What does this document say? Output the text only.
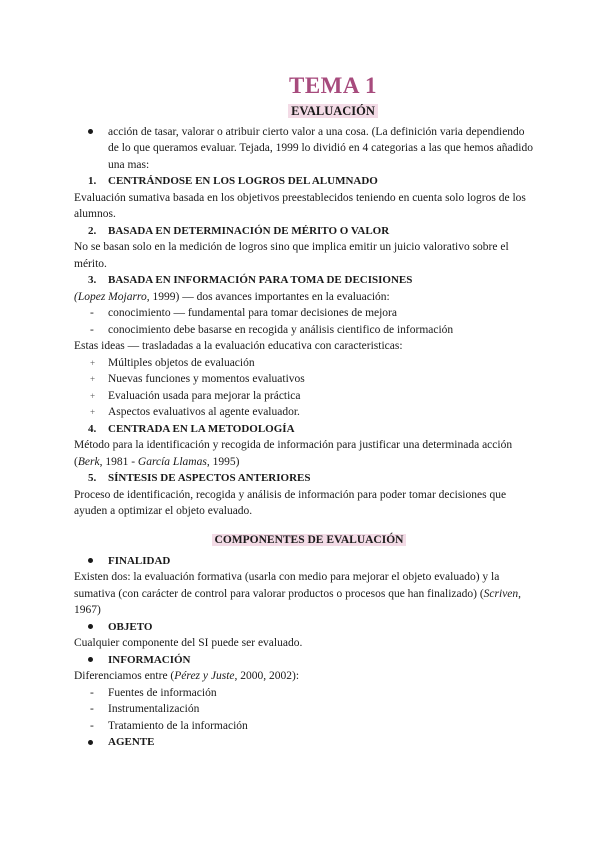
TEMA 1
EVALUACIÓN
acción de tasar, valorar o atribuir cierto valor a una cosa. (La definición varia dependiendo de lo que queramos evaluar. Tejada, 1999 lo dividió en 4 categorias a las que hemos añadido una mas:
1. CENTRÁNDOSE EN LOS LOGROS DEL ALUMNADO

Evaluación sumativa basada en los objetivos preestablecidos teniendo en cuenta solo logros de los alumnos.

2. BASADA EN DETERMINACIÓN DE MÉRITO O VALOR

No se basan solo en la medición de logros sino que implica emitir un juicio valorativo sobre el mérito.

3. BASADA EN INFORMACIÓN PARA TOMA DE DECISIONES

(Lopez Mojarro, 1999) — dos avances importantes en la evaluación:

- conocimiento — fundamental para tomar decisiones de mejora
- conocimiento debe basarse en recogida y análisis cientifico de información

Estas ideas — trasladadas a la evaluación educativa con caracteristicas:

+ Múltiples objetos de evaluación
+ Nuevas funciones y momentos evaluativos
+ Evaluación usada para mejorar la práctica
+ Aspectos evaluativos al agente evaluador.
4. CENTRADA EN LA METODOLOGÍA

Método para la identificación y recogida de información para justificar una determinada acción (Berk, 1981 - García Llamas, 1995)

5. SÍNTESIS DE ASPECTOS ANTERIORES

Proceso de identificación, recogida y análisis de información para poder tomar decisiones que ayuden a optimizar el objeto evaluado.

COMPONENTES DE EVALUACIÓN
FINALIDAD

Existen dos: la evaluación formativa (usarla con medio para mejorar el objeto evaluado) y la sumativa (con carácter de control para valorar productos o procesos que han finalizado) (Scriven, 1967)

OBJETO

Cualquier componente del SI puede ser evaluado.

INFORMACIÓN

Diferenciamos entre (Pérez y Juste, 2000, 2002):

- Fuentes de información
- Instrumentalización
- Tratamiento de la información
AGENTE
